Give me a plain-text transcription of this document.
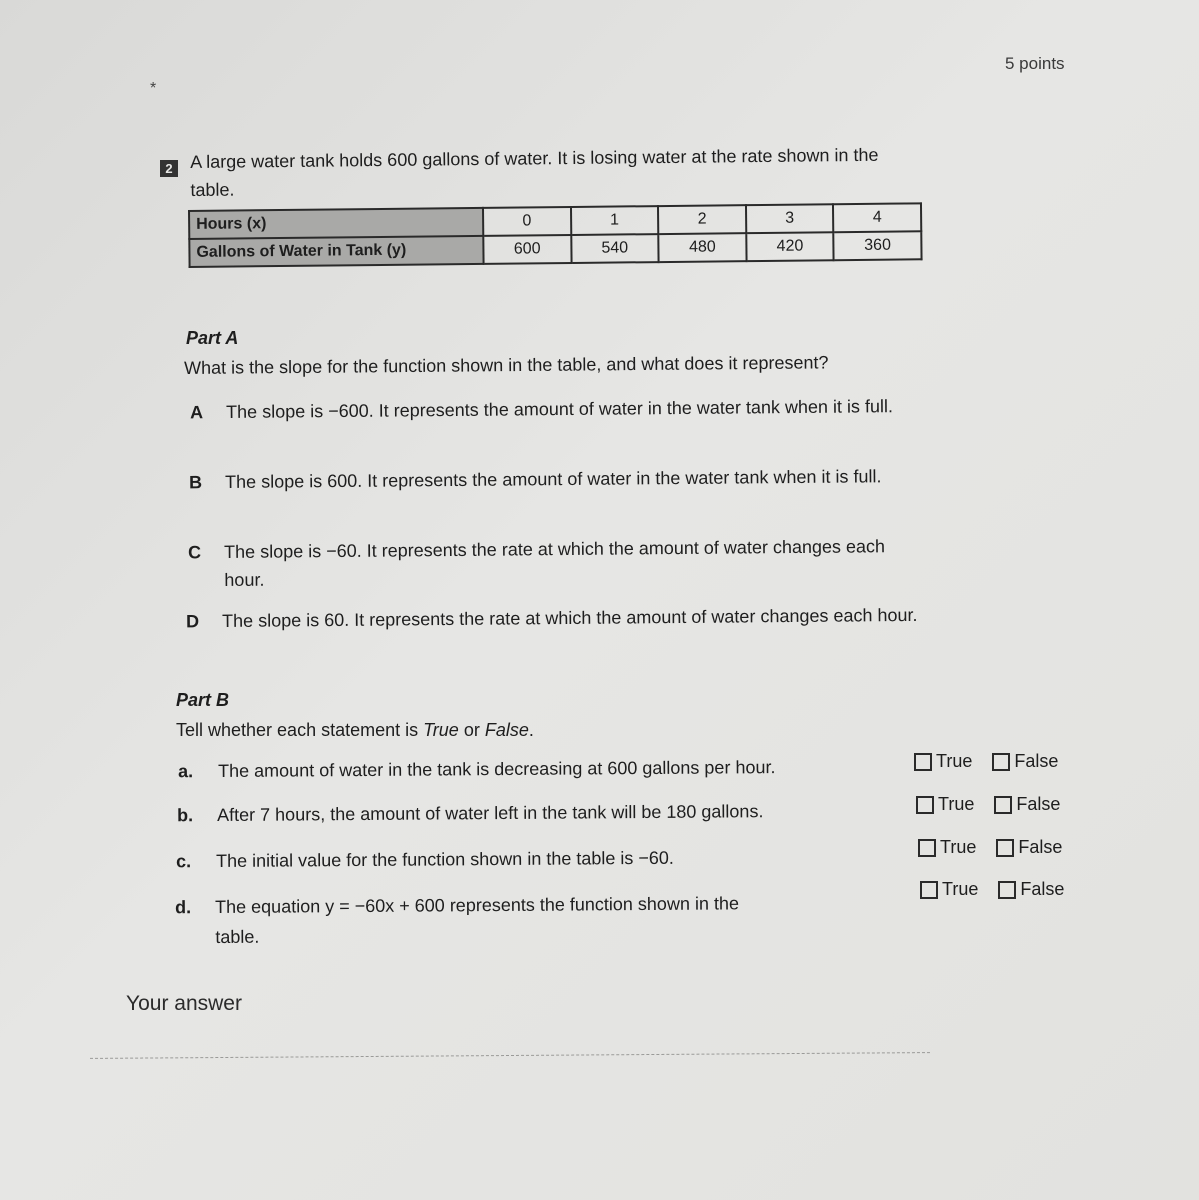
5 points
*
2 A large water tank holds 600 gallons of water. It is losing water at the rate shown in the table.
Hours (x)	0	1	2	3	4
Gallons of Water in Tank (y)	600	540	480	420	360
Part A
What is the slope for the function shown in the table, and what does it represent?
A The slope is −600. It represents the amount of water in the water tank when it is full.
B The slope is 600. It represents the amount of water in the water tank when it is full.
C The slope is −60. It represents the rate at which the amount of water changes each hour.
D The slope is 60. It represents the rate at which the amount of water changes each hour.
Part B
Tell whether each statement is True or False.
a. The amount of water in the tank is decreasing at 600 gallons per hour.
b. After 7 hours, the amount of water left in the tank will be 180 gallons.
c. The initial value for the function shown in the table is −60.
d. The equation y = −60x + 600 represents the function shown in the table.
True False
True False
True False
True False
Your answer
